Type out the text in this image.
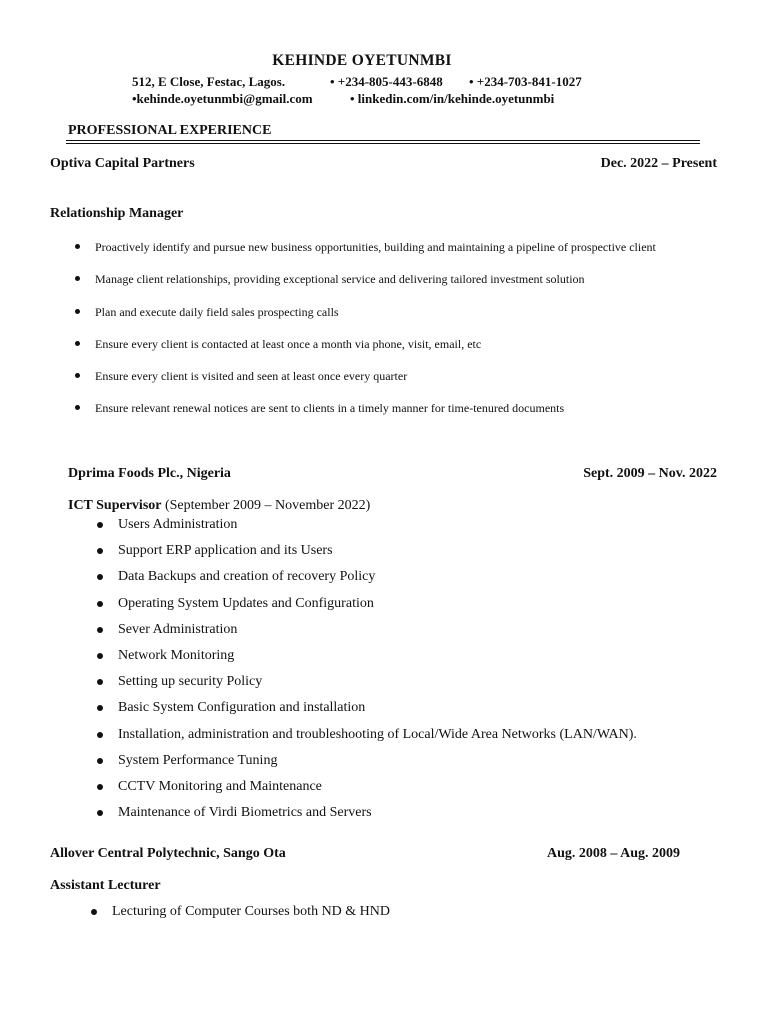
KEHINDE OYETUNMBI
512, E Close, Festac, Lagos.	• +234-805-443-6848 • +234-703-841-1027
•kehinde.oyetunmbi@gmail.com	• linkedin.com/in/kehinde.oyetunmbi
PROFESSIONAL EXPERIENCE
Optiva Capital Partners	Dec. 2022 – Present
Relationship Manager
Proactively identify and pursue new business opportunities, building and maintaining a pipeline of prospective client
Manage client relationships, providing exceptional service and delivering tailored investment solution
Plan and execute daily field sales prospecting calls
Ensure every client is contacted at least once a month via phone, visit, email, etc
Ensure every client is visited and seen at least once every quarter
Ensure relevant renewal notices are sent to clients in a timely manner for time-tenured documents
Dprima Foods Plc., Nigeria	Sept. 2009 – Nov. 2022
ICT Supervisor (September 2009 – November 2022)
Users Administration
Support ERP application and its Users
Data Backups and creation of recovery Policy
Operating System Updates and Configuration
Sever Administration
Network Monitoring
Setting up security Policy
Basic System Configuration and installation
Installation, administration and troubleshooting of Local/Wide Area Networks (LAN/WAN).
System Performance Tuning
CCTV Monitoring and Maintenance
Maintenance of Virdi Biometrics and Servers
Allover Central Polytechnic, Sango Ota	Aug. 2008 – Aug. 2009
Assistant Lecturer
Lecturing of Computer Courses both ND & HND
